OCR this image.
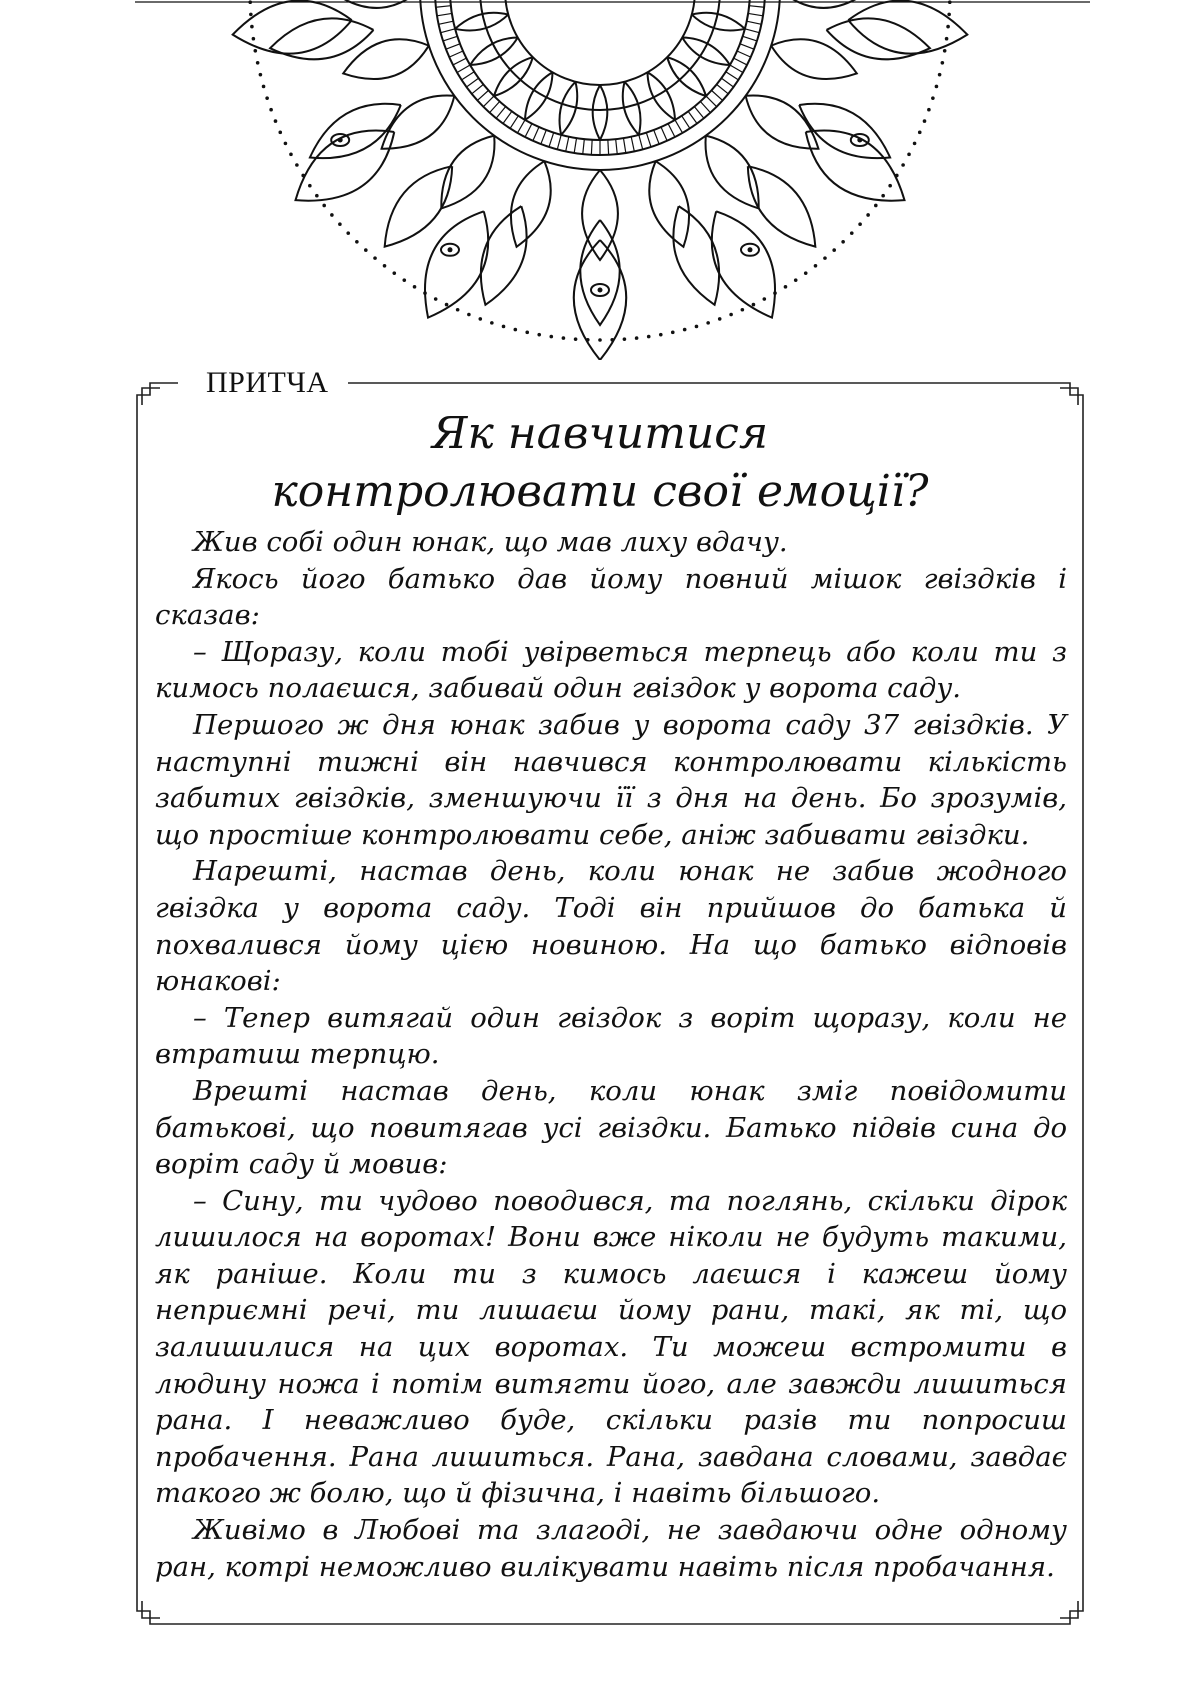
ПРИТЧА
Як навчитися
контролювати свої емоції?

Жив собі один юнак, що мав лиху вдачу.

Якось його батько дав йому повний мішок гвіздків і сказав:

– Щоразу, коли тобі увірветься терпець або коли ти з кимось полаєшся, забивай один гвіздок у ворота саду.

Першого ж дня юнак забив у ворота саду 37 гвіздків. У наступні тижні він навчився контролювати кількість забитих гвіздків, зменшуючи її з дня на день. Бо зрозумів, що простіше контролювати себе, аніж забивати гвіздки.

Нарешті, настав день, коли юнак не забив жодного гвіздка у ворота саду. Тоді він прийшов до батька й похвалився йому цією новиною. На що батько відповів юнакові:

– Тепер витягай один гвіздок з воріт щоразу, коли не втратиш терпцю.

Врешті настав день, коли юнак зміг повідомити батькові, що повитягав усі гвіздки. Батько підвів сина до воріт саду й мовив:

– Сину, ти чудово поводився, та поглянь, скільки дірок лишилося на воротах! Вони вже ніколи не будуть такими, як раніше. Коли ти з кимось лаєшся і кажеш йому неприємні речі, ти лишаєш йому рани, такі, як ті, що залишилися на цих воротах. Ти можеш встромити в людину ножа і потім витягти його, але завжди лишиться рана. І неважливо буде, скільки разів ти попросиш пробачення. Рана лишиться. Рана, завдана словами, завдає такого ж болю, що й фізична, і навіть більшого.

Живімо в Любові та злагоді, не завдаючи одне одному ран, котрі неможливо вилікувати навіть після пробачання.
